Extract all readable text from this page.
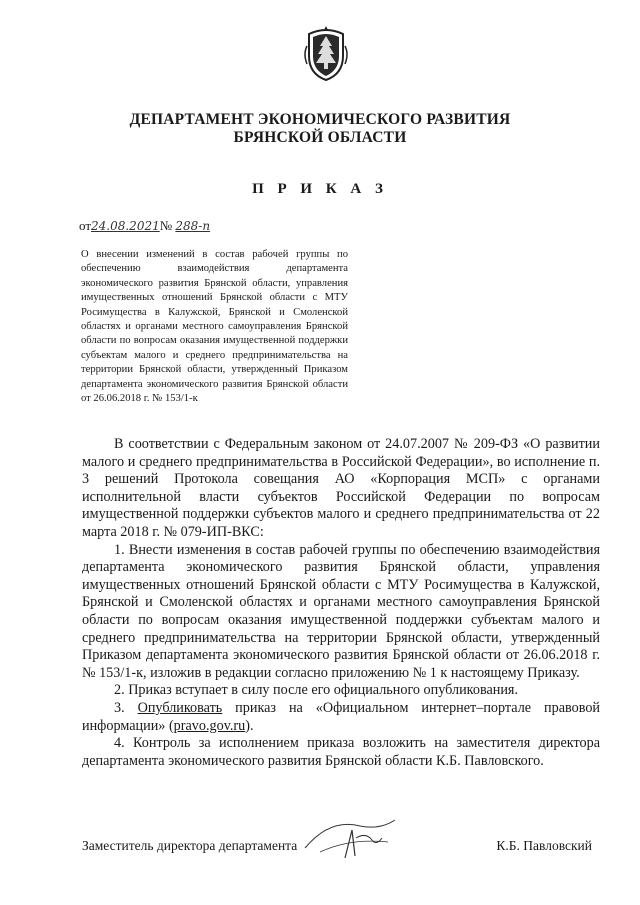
ДЕПАРТАМЕНТ ЭКОНОМИЧЕСКОГО РАЗВИТИЯ
БРЯНСКОЙ ОБЛАСТИ
П Р И К А З
от24.08.2021№ 288-п
О внесении изменений в состав рабочей группы по обеспечению взаимодействия департамента экономического развития Брянской области, управления имущественных отношений Брянской области с МТУ Росимущества в Калужской, Брянской и Смоленской областях и органами местного самоуправления Брянской области по вопросам оказания имущественной поддержки субъектам малого и среднего предпринимательства на территории Брянской области, утвержденный Приказом департамента экономического развития Брянской области от 26.06.2018 г. № 153/1-к

В соответствии с Федеральным законом от 24.07.2007 № 209-ФЗ «О развитии малого и среднего предпринимательства в Российской Федерации», во исполнение п. 3 решений Протокола совещания АО «Корпорация МСП» с органами исполнительной власти субъектов Российской Федерации по вопросам имущественной поддержки субъектов малого и среднего предпринимательства от 22 марта 2018 г. № 079-ИП-ВКС:

1. Внести изменения в состав рабочей группы по обеспечению взаимодействия департамента экономического развития Брянской области, управления имущественных отношений Брянской области с МТУ Росимущества в Калужской, Брянской и Смоленской областях и органами местного самоуправления Брянской области по вопросам оказания имущественной поддержки субъектам малого и среднего предпринимательства на территории Брянской области, утвержденный Приказом департамента экономического развития Брянской области от 26.06.2018 г. № 153/1-к, изложив в редакции согласно приложению № 1 к настоящему Приказу.

2. Приказ вступает в силу после его официального опубликования.

3. Опубликовать приказ на «Официальном интернет–портале правовой информации» (pravo.gov.ru).

4. Контроль за исполнением приказа возложить на заместителя директора департамента экономического развития Брянской области К.Б. Павловского.

Заместитель директора департамента	К.Б. Павловский
